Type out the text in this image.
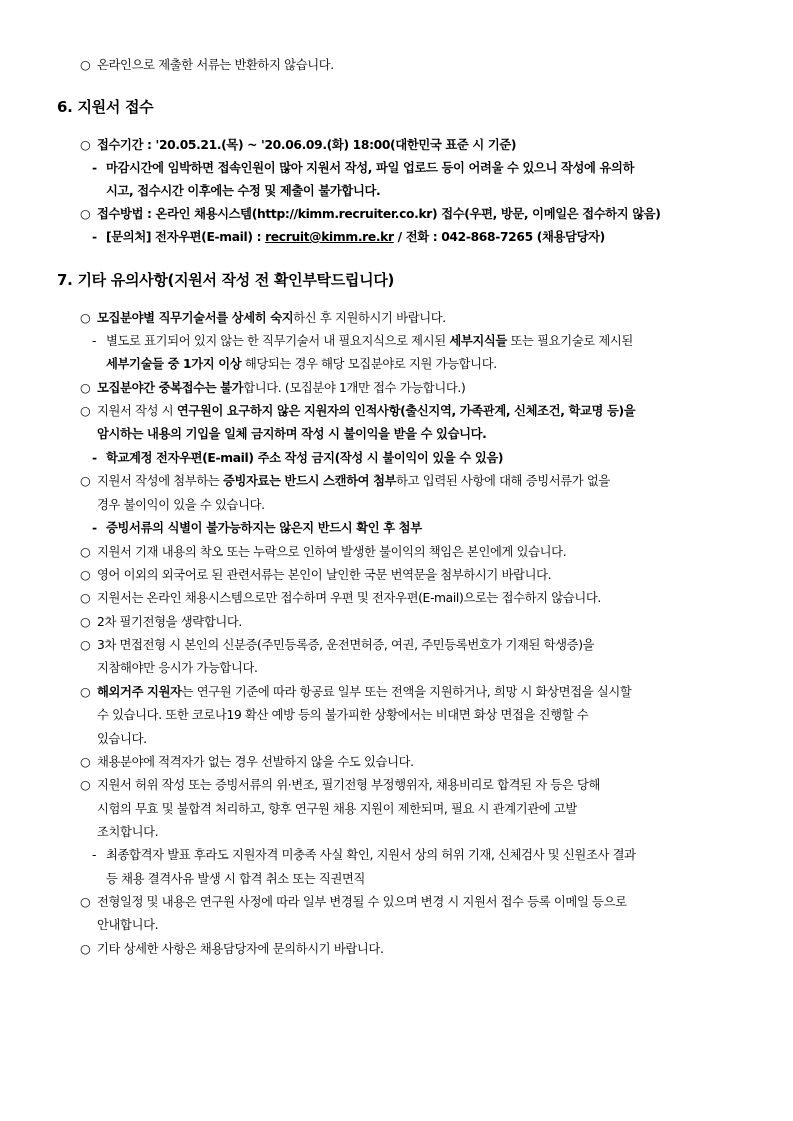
○ 온라인으로 제출한 서류는 반환하지 않습니다.
6. 지원서 접수
○ 접수기간 : '20.05.21.(목) ~ '20.06.09.(화) 18:00(대한민국 표준 시 기준)
- 마감시간에 임박하면 접속인원이 많아 지원서 작성, 파일 업로드 등이 어려울 수 있으니 작성에 유의하
시고, 접수시간 이후에는 수정 및 제출이 불가합니다.
○ 접수방법 : 온라인 채용시스템(http://kimm.recruiter.co.kr) 접수(우편, 방문, 이메일은 접수하지 않음)
- [문의처] 전자우편(E-mail) : recruit@kimm.re.kr / 전화 : 042-868-7265 (채용담당자)
7. 기타 유의사항(지원서 작성 전 확인부탁드립니다)
○ 모집분야별 직무기술서를 상세히 숙지하신 후 지원하시기 바랍니다.
- 별도로 표기되어 있지 않는 한 직무기술서 내 필요지식으로 제시된 세부지식들 또는 필요기술로 제시된
세부기술들 중 1가지 이상 해당되는 경우 해당 모집분야로 지원 가능합니다.
○ 모집분야간 중복접수는 불가합니다. (모집분야 1개만 접수 가능합니다.)
○ 지원서 작성 시 연구원이 요구하지 않은 지원자의 인적사항(출신지역, 가족관계, 신체조건, 학교명 등)을
암시하는 내용의 기입을 일체 금지하며 작성 시 불이익을 받을 수 있습니다.
- 학교계정 전자우편(E-mail) 주소 작성 금지(작성 시 불이익이 있을 수 있음)
○ 지원서 작성에 첨부하는 증빙자료는 반드시 스캔하여 첨부하고 입력된 사항에 대해 증빙서류가 없을
경우 불이익이 있을 수 있습니다.
- 증빙서류의 식별이 불가능하지는 않은지 반드시 확인 후 첨부
○ 지원서 기재 내용의 착오 또는 누락으로 인하여 발생한 불이익의 책임은 본인에게 있습니다.
○ 영어 이외의 외국어로 된 관련서류는 본인이 날인한 국문 번역문을 첨부하시기 바랍니다.
○ 지원서는 온라인 채용시스템으로만 접수하며 우편 및 전자우편(E-mail)으로는 접수하지 않습니다.
○ 2차 필기전형을 생략합니다.
○ 3차 면접전형 시 본인의 신분증(주민등록증, 운전면허증, 여권, 주민등록번호가 기재된 학생증)을
지참해야만 응시가 가능합니다.
○ 해외거주 지원자는 연구원 기준에 따라 항공료 일부 또는 전액을 지원하거나, 희망 시 화상면접을 실시할
수 있습니다. 또한 코로나19 확산 예방 등의 불가피한 상황에서는 비대면 화상 면접을 진행할 수
있습니다.
○ 채용분야에 적격자가 없는 경우 선발하지 않을 수도 있습니다.
○ 지원서 허위 작성 또는 증빙서류의 위·변조, 필기전형 부정행위자, 채용비리로 합격된 자 등은 당해
시험의 무효 및 불합격 처리하고, 향후 연구원 채용 지원이 제한되며, 필요 시 관계기관에 고발
조치합니다.
- 최종합격자 발표 후라도 지원자격 미충족 사실 확인, 지원서 상의 허위 기재, 신체검사 및 신원조사 결과
등 채용 결격사유 발생 시 합격 취소 또는 직권면직
○ 전형일정 및 내용은 연구원 사정에 따라 일부 변경될 수 있으며 변경 시 지원서 접수 등록 이메일 등으로
안내합니다.
○ 기타 상세한 사항은 채용담당자에 문의하시기 바랍니다.
